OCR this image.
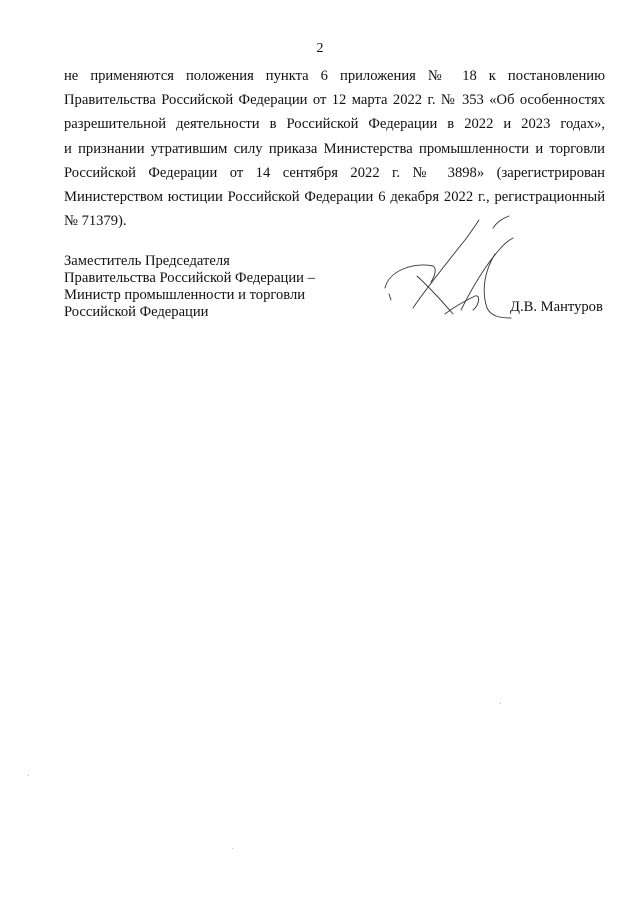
2
не применяются положения пункта 6 приложения № 18 к постановлению
Правительства Российской Федерации от 12 марта 2022 г. № 353 «Об особенностях
разрешительной деятельности в Российской Федерации в 2022 и 2023 годах»,
и признании утратившим силу приказа Министерства промышленности и торговли
Российской Федерации от 14 сентября 2022 г. № 3898» (зарегистрирован
Министерством юстиции Российской Федерации 6 декабря 2022 г., регистрационный
№ 71379).
Заместитель Председателя
Правительства Российской Федерации –
Министр промышленности и торговли
Российской Федерации	Д.В. Мантуров
